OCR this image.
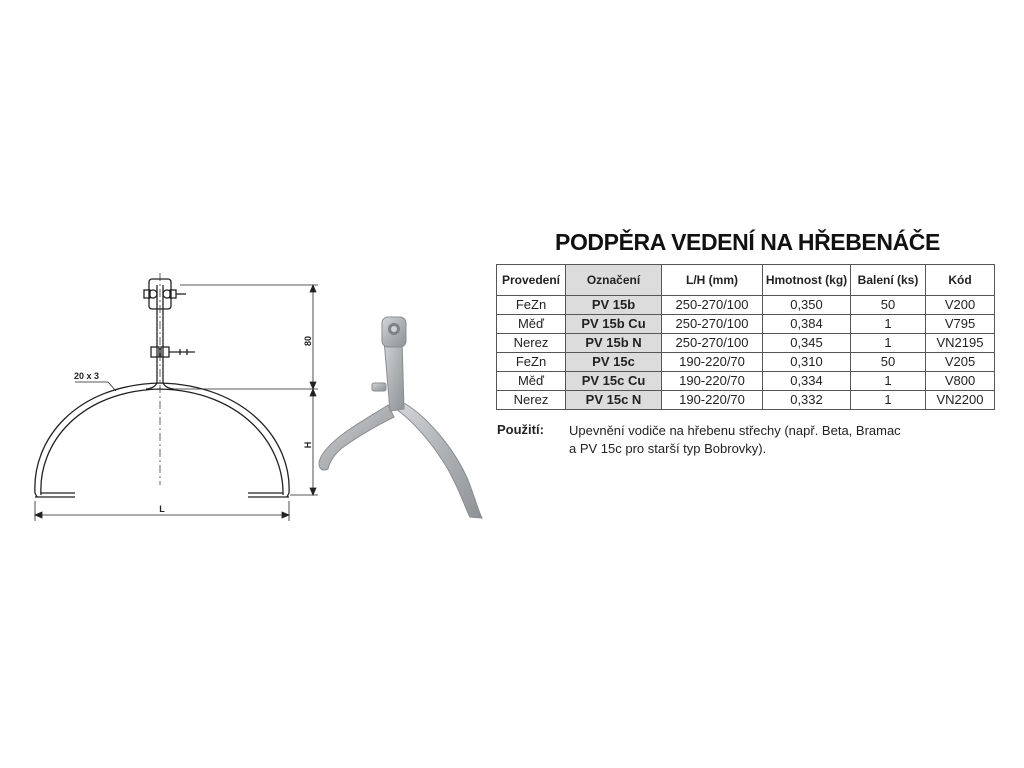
80
H
L
20 x 3
PODPĚRA VEDENÍ NA HŘEBENÁČE
Provedení	Označení	L/H (mm)	Hmotnost (kg)	Balení (ks)	Kód
FeZn	PV 15b	250-270/100	0,350	50	V200
Měď	PV 15b Cu	250-270/100	0,384	1	V795
Nerez	PV 15b N	250-270/100	0,345	1	VN2195
FeZn	PV 15c	190-220/70	0,310	50	V205
Měď	PV 15c Cu	190-220/70	0,334	1	V800
Nerez	PV 15c N	190-220/70	0,332	1	VN2200
Použití: Upevnění vodiče na hřebenu střechy (např. Beta, Bramac
a PV 15c pro starší typ Bobrovky).
